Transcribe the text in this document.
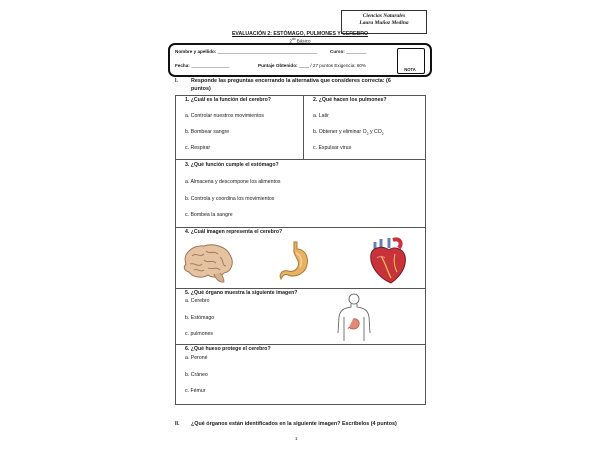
Ciencias Naturales
Laura Muñoz Medina
EVALUACIÓN 2: ESTÓMAGO, PULMONES Y CEREBRO
$2^{do}$ Básico
Nombre y apellido: _______________________________________	Curso: ________
Fecha: _______________	Puntaje Obtenido: ____ / 27 puntos Exigencia: 60%
NOTA
I. Responde las preguntas encerrando la alternativa que consideres correcta: (6
puntos)
1. ¿Cuál es la función del cerebro?
a. Controlar nuestros movimientos
b. Bombear sangre
c. Respirar
2. ¿Qué hacen los pulmones?
a. Latir
b. Obtener y eliminar $O_2$ y $CO_2$
c. Expulsar virus
3. ¿Qué función cumple el estómago?
a. Almacena y descompone los alimentos
b. Controla y coordina los movimientos
c. Bombea la sangre
4. ¿Cuál imagen representa el cerebro?
5. ¿Qué órgano muestra la siguiente imagen?
a. Cerebro
b. Estómago
c. pulmones
6. ¿Qué hueso protege el cerebro?
a. Peroné
b. Cráneo
c. Fémur
II. ¿Qué órganos están identificados en la siguiente imagen? Escríbelos (4 puntos)
1
